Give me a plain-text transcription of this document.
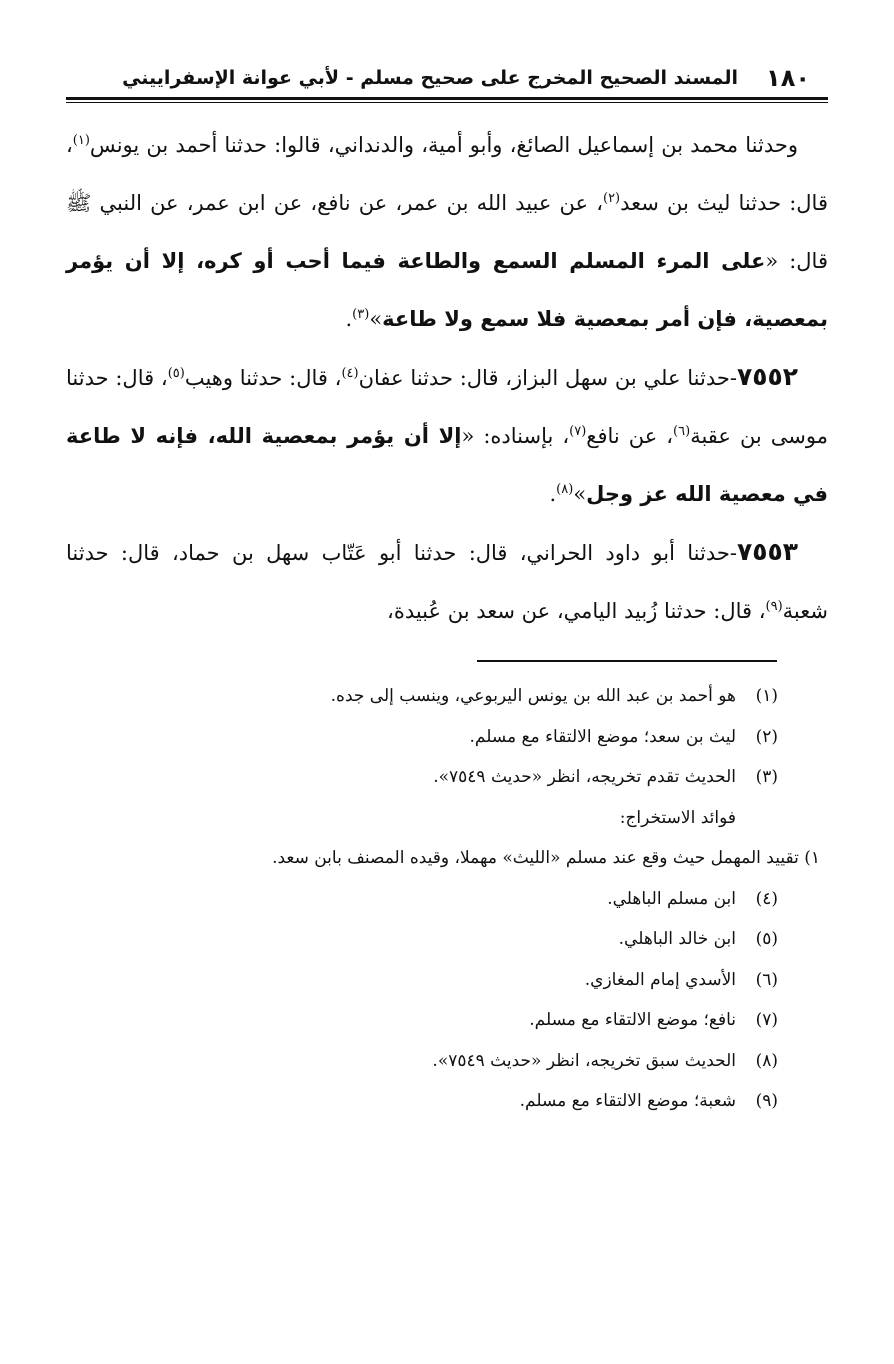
١٨٠
المسند الصحيح المخرج على صحيح مسلم - لأبي عوانة الإسفراييني

وحدثنا محمد بن إسماعيل الصائغ، وأبو أمية، والدنداني، قالوا: حدثنا أحمد بن يونس$^{(١)}$، قال: حدثنا ليث بن سعد$^{(٢)}$، عن عبيد الله بن عمر، عن نافع، عن ابن عمر، عن النبي ﷺ قال: «على المرء المسلم السمع والطاعة فيما أحب أو كره، إلا أن يؤمر بمعصية، فإن أمر بمعصية فلا سمع ولا طاعة»$^{(٣)}$.

٧٥٥٢-حدثنا علي بن سهل البزاز، قال: حدثنا عفان$^{(٤)}$، قال: حدثنا وهيب$^{(٥)}$، قال: حدثنا موسى بن عقبة$^{(٦)}$، عن نافع$^{(٧)}$، بإسناده: «إلا أن يؤمر بمعصية الله، فإنه لا طاعة في معصية الله عز وجل»$^{(٨)}$.

٧٥٥٣-حدثنا أبو داود الحراني، قال: حدثنا أبو عَتّاب سهل بن حماد، قال: حدثنا شعبة$^{(٩)}$، قال: حدثنا زُبيد اليامي، عن سعد بن عُبيدة،

(١)هو أحمد بن عبد الله بن يونس اليربوعي، وينسب إلى جده.
(٢)ليث بن سعد؛ موضع الالتقاء مع مسلم.
(٣)الحديث تقدم تخريجه، انظر «حديث ٧٥٤٩».
فوائد الاستخراج:
١) تقييد المهمل حيث وقع عند مسلم «الليث» مهملا، وقيده المصنف بابن سعد.
(٤)ابن مسلم الباهلي.
(٥)ابن خالد الباهلي.
(٦)الأسدي إمام المغازي.
(٧)نافع؛ موضع الالتقاء مع مسلم.
(٨)الحديث سبق تخريجه، انظر «حديث ٧٥٤٩».
(٩)شعبة؛ موضع الالتقاء مع مسلم.
